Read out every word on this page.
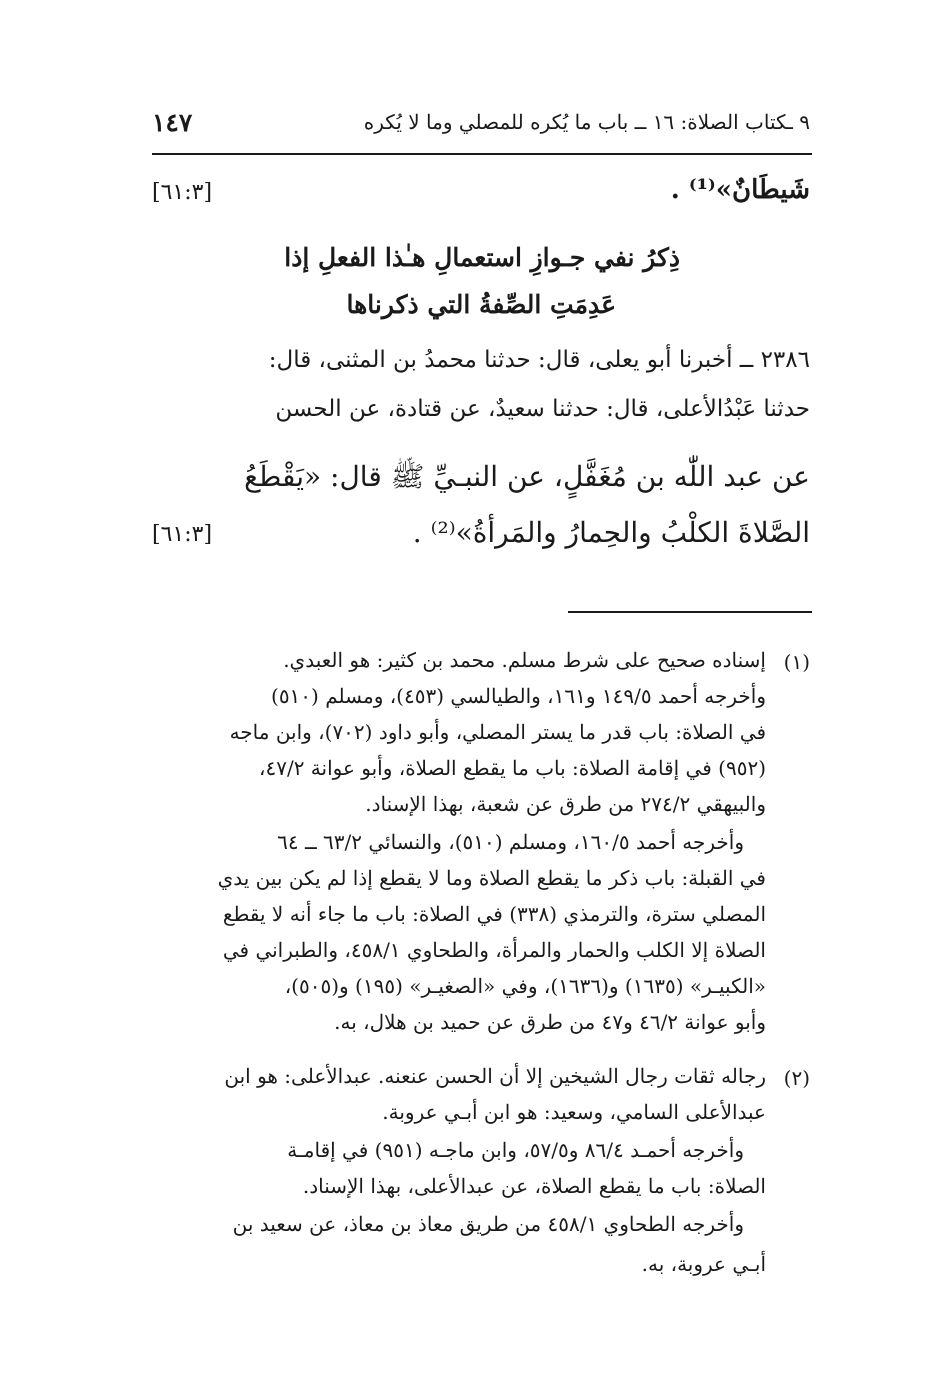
٩ ـكتاب الصلاة: ١٦ ــ باب ما يُكره للمصلي وما لا يُكره

١٤٧

شَيطَانٌ»⁽¹⁾ .

[٦١:٣]

ذِكرُ نفي جـوازِ استعمالِ هـٰذا الفعلِ إذا

عَدِمَتِ الصِّفةُ التي ذكرناها

٢٣٨٦ ــ أخبرنا أبو يعلى، قال: حدثنا محمدُ بن المثنى، قال:

حدثنا عَبْدُالأعلى، قال: حدثنا سعيدٌ، عن قتادة، عن الحسن

عن عبد اللّٰه بن مُغَفَّلٍ، عن النبـيِّ ﷺ قال: «يَقْطَعُ

الصَّلاةَ الكلْبُ والحِمارُ والمَرأةُ»⁽²⁾ .

[٦١:٣]

(١)

إسناده صحيح على شرط مسلم. محمد بن كثير: هو العبدي.

وأخرجه أحمد ١٤٩/٥ و١٦١، والطيالسي (٤٥٣)، ومسلم (٥١٠)

في الصلاة: باب قدر ما يستر المصلي، وأبو داود (٧٠٢)، وابن ماجه

(٩٥٢) في إقامة الصلاة: باب ما يقطع الصلاة، وأبو عوانة ٤٧/٢،

والبيهقي ٢٧٤/٢ من طرق عن شعبة، بهذا الإسناد.

وأخرجه أحمد ١٦٠/٥، ومسلم (٥١٠)، والنسائي ٦٣/٢ ــ ٦٤

في القبلة: باب ذكر ما يقطع الصلاة وما لا يقطع إذا لم يكن بين يدي

المصلي سترة، والترمذي (٣٣٨) في الصلاة: باب ما جاء أنه لا يقطع

الصلاة إلا الكلب والحمار والمرأة، والطحاوي ٤٥٨/١، والطبراني في

«الكبيـر» (١٦٣٥) و(١٦٣٦)، وفي «الصغيـر» (١٩٥) و(٥٠٥)،

وأبو عوانة ٤٦/٢ و٤٧ من طرق عن حميد بن هلال، به.

(٢)

رجاله ثقات رجال الشيخين إلا أن الحسن عنعنه. عبدالأعلى: هو ابن

عبدالأعلى السامي، وسعيد: هو ابن أبـي عروبة.

وأخرجه أحمـد ٨٦/٤ و٥٧/٥، وابن ماجـه (٩٥١) في إقامـة

الصلاة: باب ما يقطع الصلاة، عن عبدالأعلى، بهذا الإسناد.

وأخرجه الطحاوي ٤٥٨/١ من طريق معاذ بن معاذ، عن سعيد بن

أبـي عروبة، به.
